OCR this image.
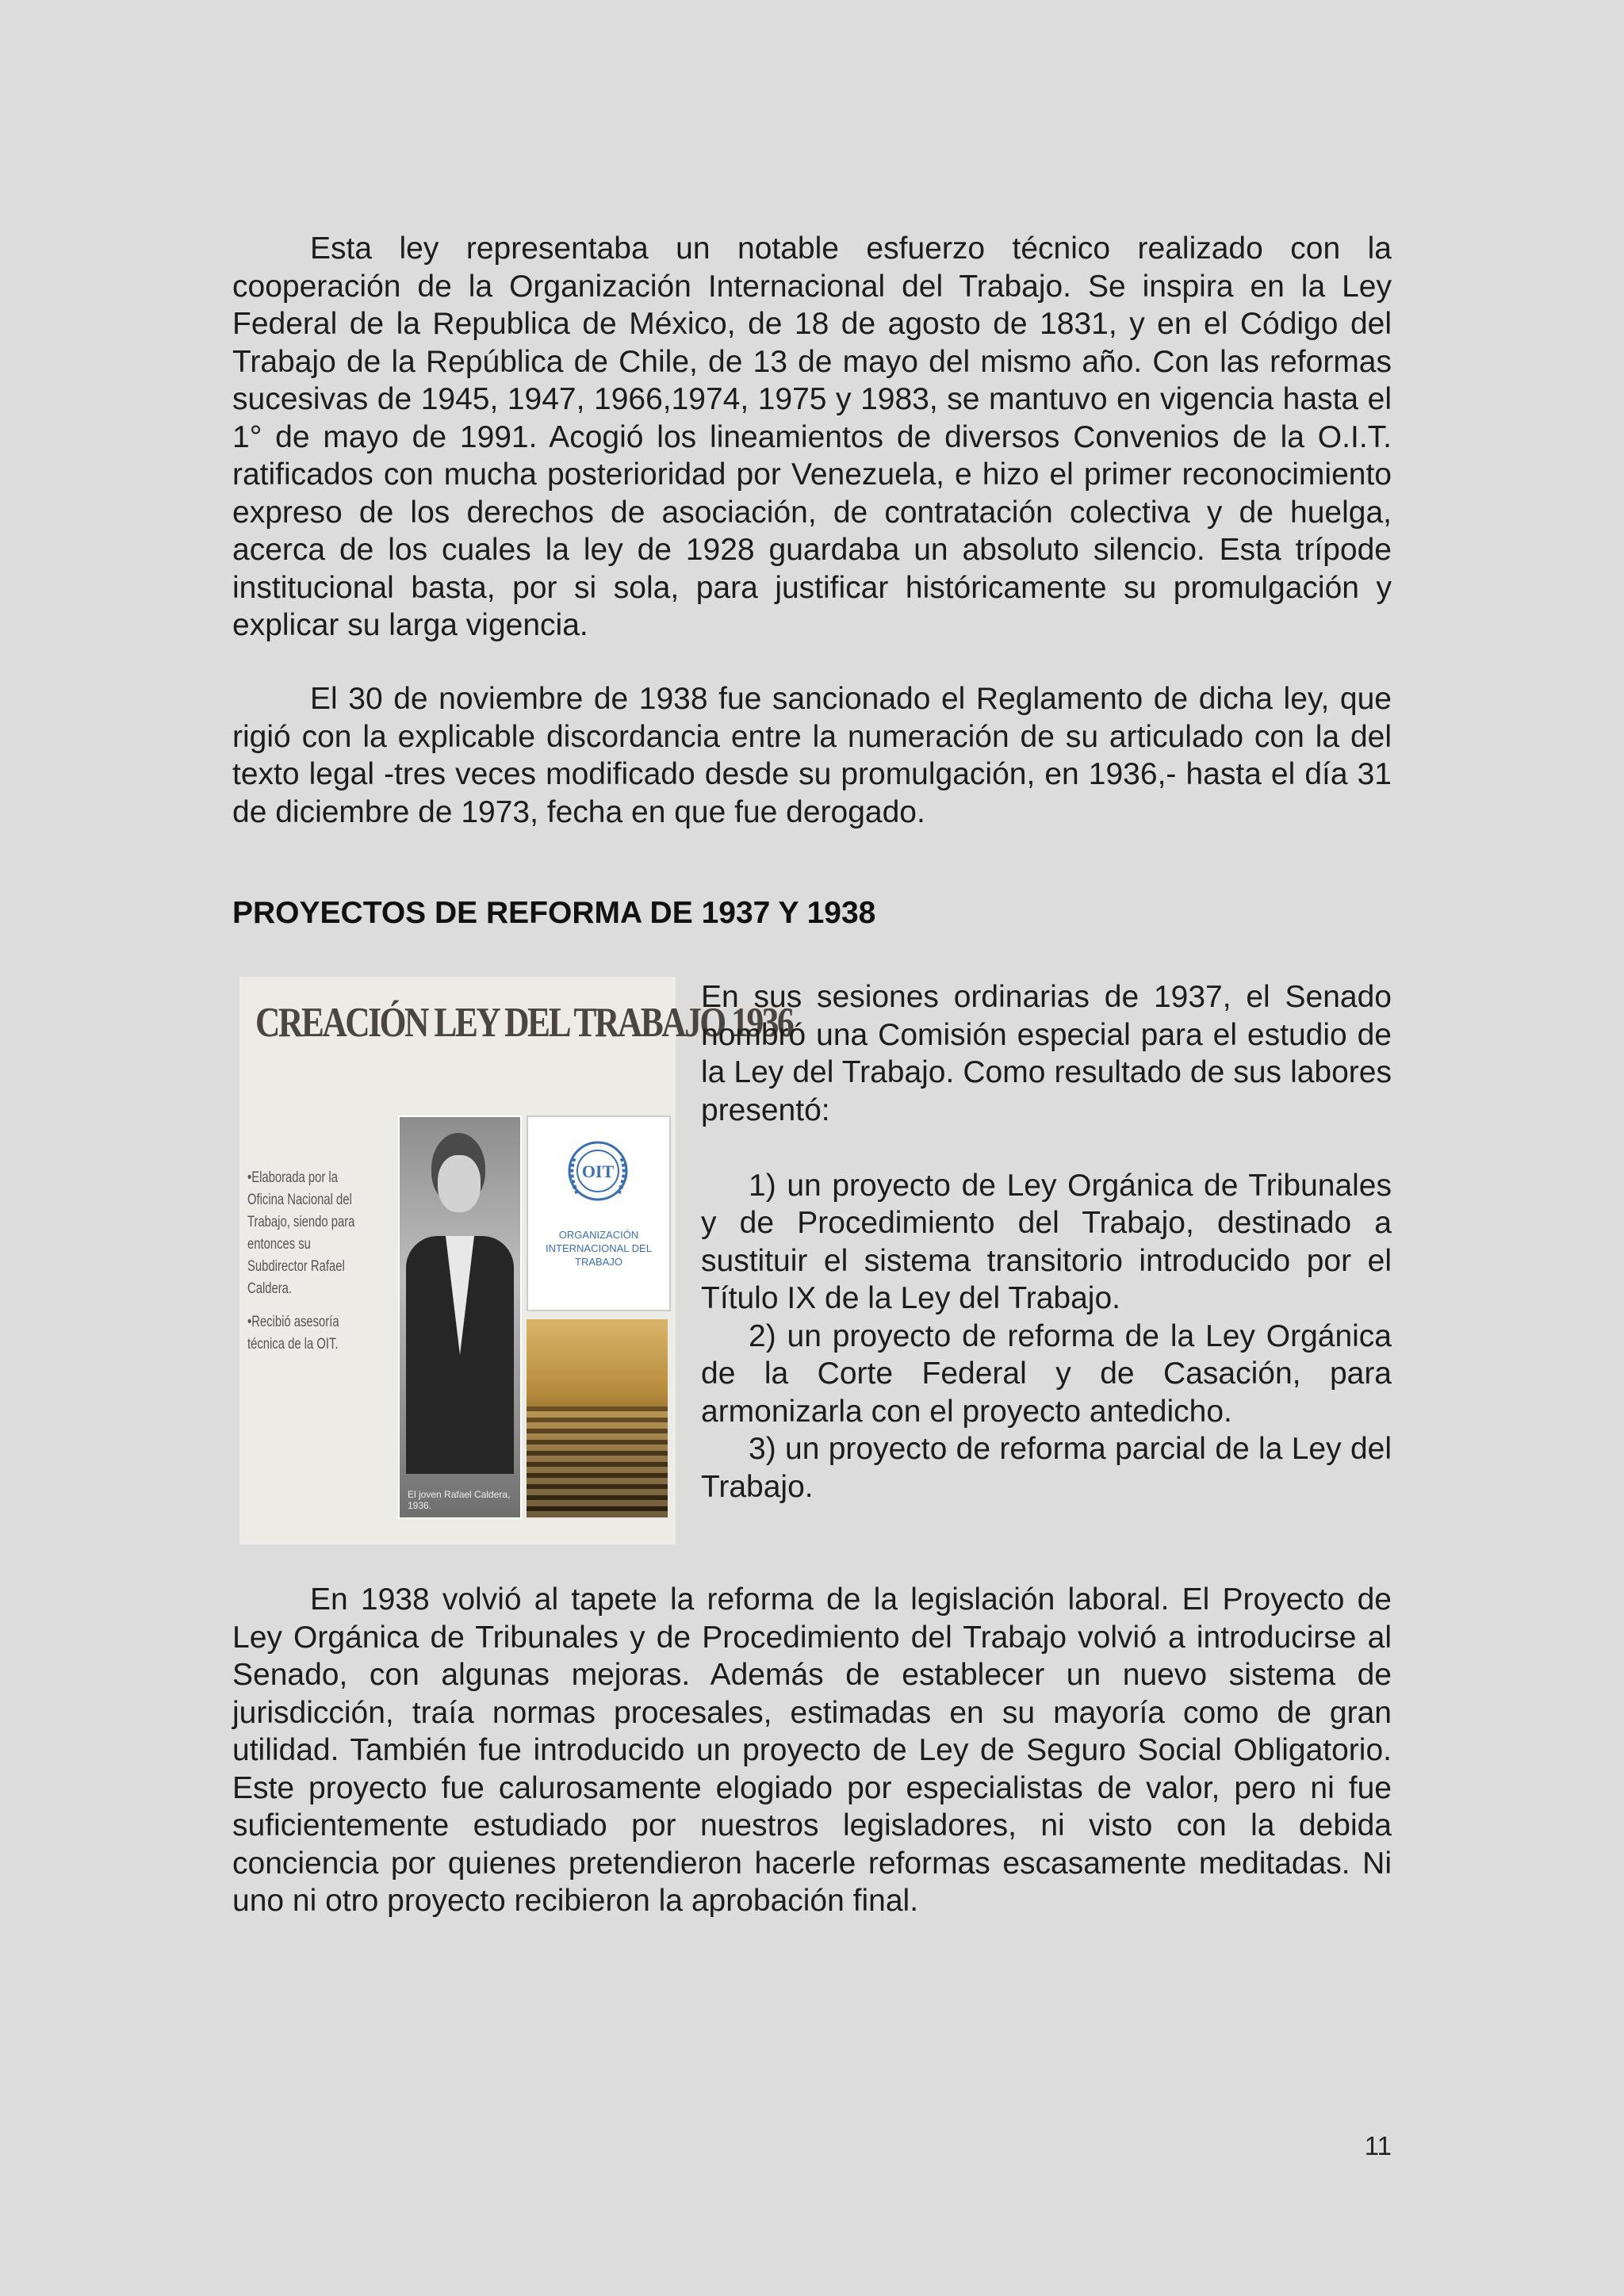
Esta ley representaba un notable esfuerzo técnico realizado con la cooperación de la Organización Internacional del Trabajo. Se inspira en la Ley Federal de la Republica de México, de 18 de agosto de 1831, y en el Código del Trabajo de la República de Chile, de 13 de mayo del mismo año. Con las reformas sucesivas de 1945, 1947, 1966,1974, 1975 y 1983, se mantuvo en vigencia hasta el 1° de mayo de 1991. Acogió los lineamientos de diversos Convenios de la O.I.T. ratificados con mucha posterioridad por Venezuela, e hizo el primer reconocimiento expreso de los derechos de asociación, de contratación colectiva y de huelga, acerca de los cuales la ley de 1928 guardaba un absoluto silencio. Esta trípode institucional basta, por si sola, para justificar históricamente su promulgación y explicar su larga vigencia.

El 30 de noviembre de 1938 fue sancionado el Reglamento de dicha ley, que rigió con la explicable discordancia entre la numeración de su articulado con la del texto legal -tres veces modificado desde su promulgación, en 1936,- hasta el día 31 de diciembre de 1973, fecha en que fue derogado.

PROYECTOS DE REFORMA DE 1937 Y 1938
CREACIÓN LEY DEL TRABAJO 1936

•Elaborada por la Oficina Nacional del Trabajo, siendo para entonces su Subdirector Rafael Caldera.

•Recibió asesoría técnica de la OIT.

El joven Rafael Caldera, 1936.
OIT
ORGANIZACIÓN INTERNACIONAL DEL TRABAJO

En sus sesiones ordinarias de 1937, el Senado nombró una Comisión especial para el estudio de la Ley del Trabajo. Como resultado de sus labores presentó:

1) un proyecto de Ley Orgánica de Tribunales y de Procedimiento del Trabajo, destinado a sustituir el sistema transitorio introducido por el Título IX de la Ley del Trabajo.

2) un proyecto de reforma de la Ley Orgánica de la Corte Federal y de Casación, para armonizarla con el proyecto antedicho.

3) un proyecto de reforma parcial de la Ley del Trabajo.

En 1938 volvió al tapete la reforma de la legislación laboral. El Proyecto de Ley Orgánica de Tribunales y de Procedimiento del Trabajo volvió a introducirse al Senado, con algunas mejoras. Además de establecer un nuevo sistema de jurisdicción, traía normas procesales, estimadas en su mayoría como de gran utilidad. También fue introducido un proyecto de Ley de Seguro Social Obligatorio. Este proyecto fue calurosamente elogiado por especialistas de valor, pero ni fue suficientemente estudiado por nuestros legisladores, ni visto con la debida conciencia por quienes pretendieron hacerle reformas escasamente meditadas. Ni uno ni otro proyecto recibieron la aprobación final.

11
